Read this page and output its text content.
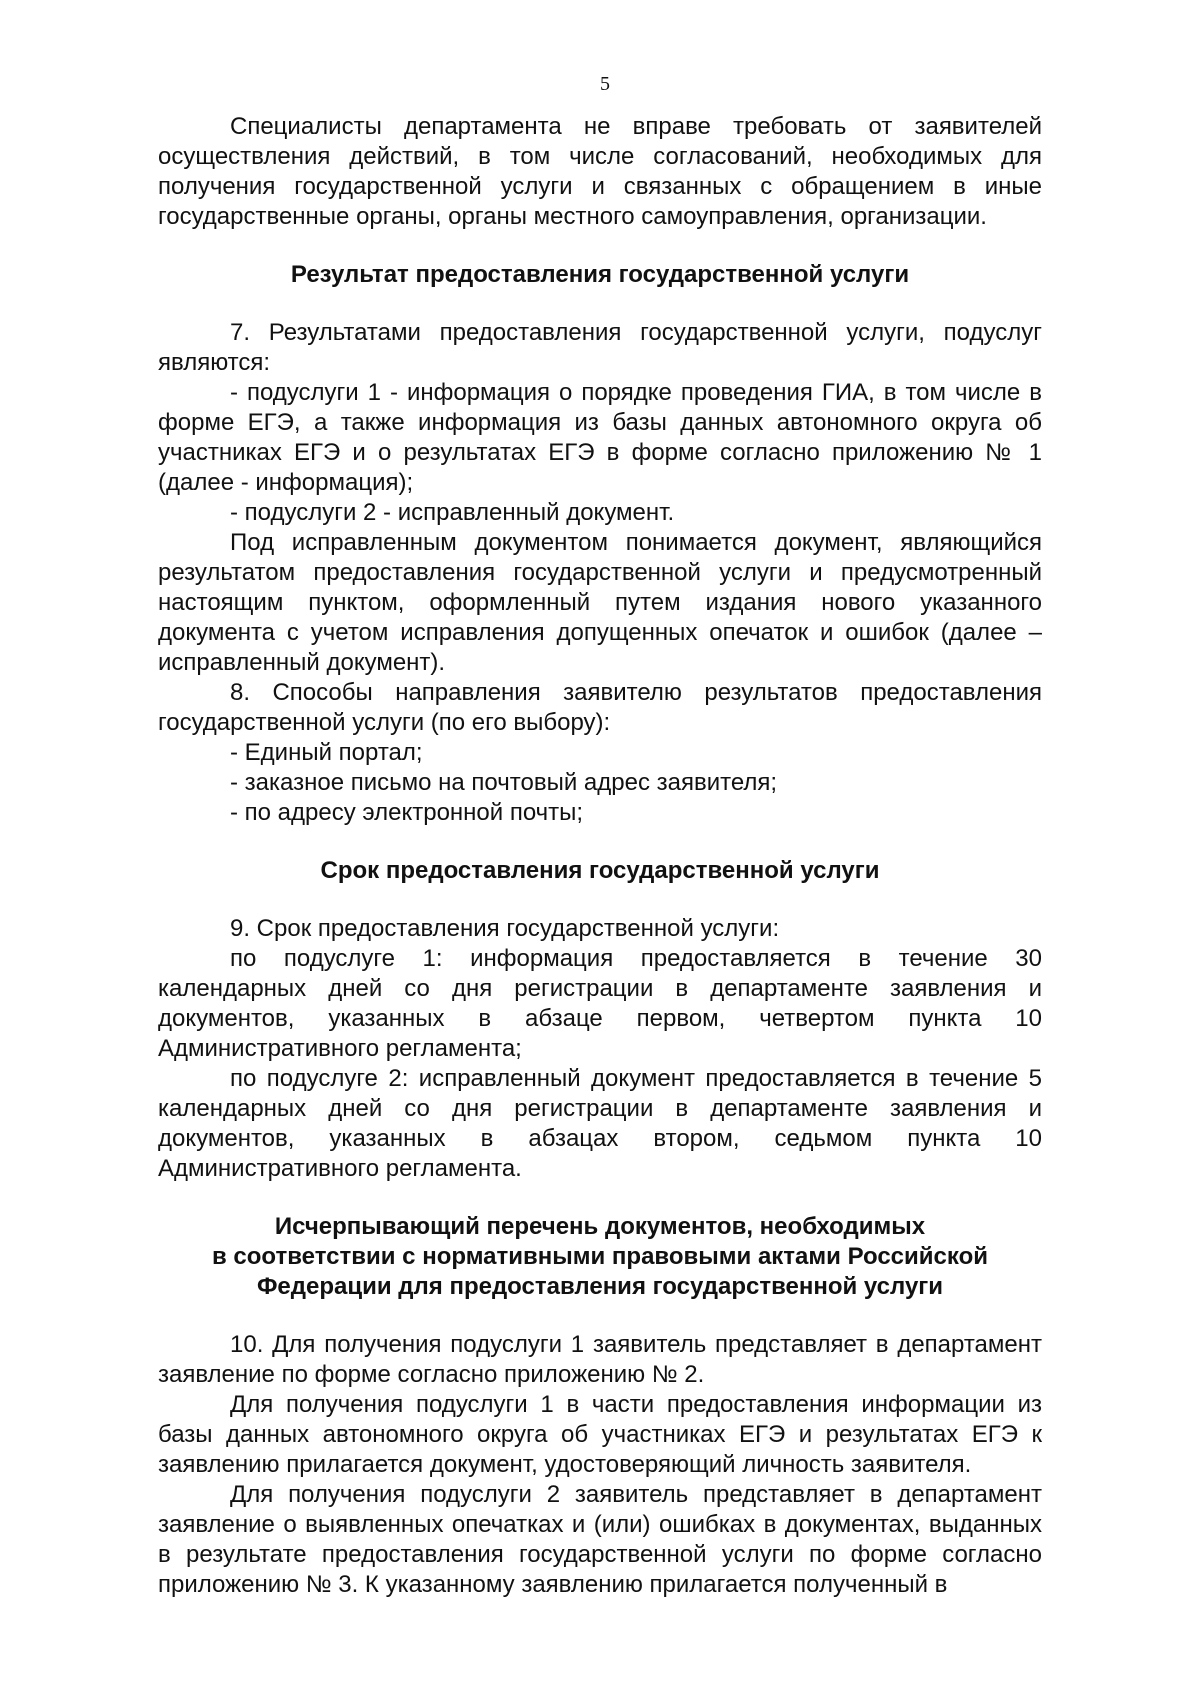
5

Специалисты департамента не вправе требовать от заявителей осуществления действий, в том числе согласований, необходимых для получения государственной услуги и связанных с обращением в иные государственные органы, органы местного самоуправления, организации.

Результат предоставления государственной услуги

7. Результатами предоставления государственной услуги, подуслуг являются:

- подуслуги 1 - информация о порядке проведения ГИА, в том числе в форме ЕГЭ, а также информация из базы данных автономного округа об участниках ЕГЭ и о результатах ЕГЭ в форме согласно приложению № 1 (далее - информация);

- подуслуги 2 - исправленный документ.

Под исправленным документом понимается документ, являющийся результатом предоставления государственной услуги и предусмотренный настоящим пунктом, оформленный путем издания нового указанного документа с учетом исправления допущенных опечаток и ошибок (далее – исправленный документ).

8. Способы направления заявителю результатов предоставления государственной услуги (по его выбору):

- Единый портал;

- заказное письмо на почтовый адрес заявителя;

- по адресу электронной почты;

Срок предоставления государственной услуги

9. Срок предоставления государственной услуги:

по подуслуге 1: информация предоставляется в течение 30 календарных дней со дня регистрации в департаменте заявления и документов, указанных в абзаце первом, четвертом пункта 10 Административного регламента;

по подуслуге 2: исправленный документ предоставляется в течение 5 календарных дней со дня регистрации в департаменте заявления и документов, указанных в абзацах втором, седьмом пункта 10 Административного регламента.

Исчерпывающий перечень документов, необходимых
в соответствии с нормативными правовыми актами Российской
Федерации для предоставления государственной услуги

10. Для получения подуслуги 1 заявитель представляет в департамент заявление по форме согласно приложению № 2.

Для получения подуслуги 1 в части предоставления информации из базы данных автономного округа об участниках ЕГЭ и результатах ЕГЭ к заявлению прилагается документ, удостоверяющий личность заявителя.

Для получения подуслуги 2 заявитель представляет в департамент заявление о выявленных опечатках и (или) ошибках в документах, выданных в результате предоставления государственной услуги по форме согласно приложению № 3. К указанному заявлению прилагается полученный в
